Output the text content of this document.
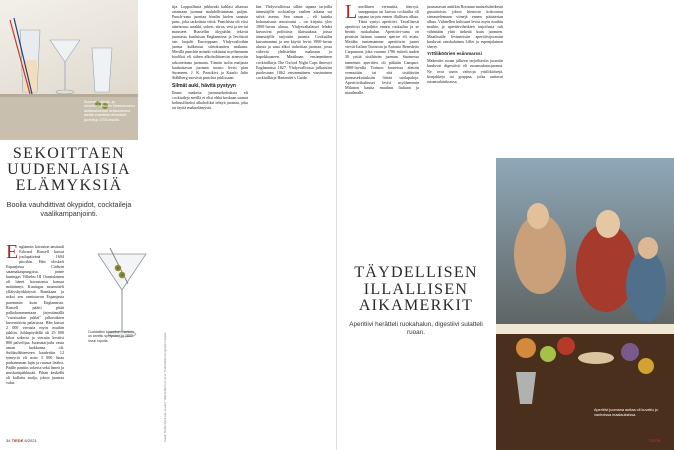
Suomen kahvila- ja ravintolakulttuurin hienostuneen asiakaskunnan keskuudessa alettiin maistella virkistäviä juomia jo 1700-luvulla.
SEKOITTAEN
UUDENLAISIA
ELÄMYKSIÄ

Boolia vauhdittivat ökypidot, cocktaileja vaalikampanjointi.

E nglannin laivaston amiraali Edward Russell kutsui joulupäivänä 1694 pitoihin. Hän oleskeli Espanjassa Cádizin satamakaupungissa, jonne kuningas Vilhelm III Oranialainen oli hänet laivastonsa kanssa määrännyt. Kuningas suunnitteli yllätyshyökkäystä Ranskaan ja uskoi sen onnistuvan Espanjasta paremmin kuin Englannista. Russell päätti pitää palkokommentaan järjestämällä "vuosisadan juhlat" jalkaväkien kuvernöörin palatsissa. Hän kutsui 2 000 vierasta myös muihin juhliin. Juhlapöydällä oli 25 000 kiloa sokeria ja vieraita kestitsi 800 palvelijaa. Juomatarjoilu vasta oman luokkansa oli. Suihkulähteeseen kaadettiin 12 tynnyriä eli noin 3 000 litraa parhaimman lajin ja ruusua lisäksi. Päälle pantiin sokeria sekä limeä ja muskottipähkinää. Pihan keskellä oli kullattu malja, johon juomaa valui.
Cocktailien klassikon martinin on arveltu syntyneen jo 1800-luvun lopulla.
tija. Loppuillasta juhlavaki kahlasi altaassa ottamaan juomaa mahdollisimman paljon. Punch-sana juontaa hindin kielen sanasta panc, joka tarkoittaa viittä. Punchissa oli viisi ainesosaa: arrakki, sokeri, sitrus, vesi ja tee tai mausteet. Russellin ökyjuhlat tekivät juomasta kuuluisan Englannissa ja levittivät sen laajalti Eurooppaan. Yhdysvaltoihin juoma kulkeutui siirtokuntien mukana. Merillä punchin mineki vakiintui myöhemmin booliksi eli siihen alkoholittomiin ainesosiin sekoitettuna juomana. Tämän isolta maljasta kauhottavan juoman suosio levisi pian Suomeen. J. K. Paasikivi ja Kaarlo Juho Ståhlberg suosivat punchia juhlissaan.
Silmät auki, hävitä pystyyn
Ilman makeita juomasekoituksia eli cocktaileja meillä ei olisi ehkä koskaan saanut kohtuulliseksi alkoholiksi tehtyä juomaa, joka on täyttä makuelämystä.
Kuvat: Shutterstock (oik. ja vas.), Wikimedia Commons, Yhdysvaltain kongressin kirjasto
kin. Yhdysvalloissa silkin tapana tarjoilla äänestäjille cocktaileja vaalien aikana sai selvä asema. Sen sanan – eli kuinka kokonaisuus muotoutui – on kirjattu ylös 1800-luvun alussa. Yhdysvaltalaiset lehdet kuvasivat poliittisia tilaisuuksia, joissa äänestäjille tarjottiin juomia. Cocktailin kutsumanimi ja sen käyttö levisi 1900-luvun alussa ja sana alkoi tarkoittaa juomaa, jossa väkeviä yhdisteltiin makeaan ja hapokkaaseen. Maailman ensimmäinen cocktailkirja The Oxford Night Caps ilmestyi Englannissa 1827. Yhdysvalloissa julkaistiin puolestaan 1862 ensimmäinen varsinainen cocktailkirja Bartender's Guide.
34 TIEDE 6/2021
L aseillinen vermuttia, sherryä, samppanjaa tai kuivaa cocktailia oli tapana tarjota ennen illallisen alkua. Tästä syntyi aperitiivi. Tavallisesti aperitiivi tarjoiltiin ennen ruokailua ja se herätti ruokahalun. Aperitiivi-sana on peräisin latinan sanasta aperire eli avata. Meidän tuntemamme aperitiivin juuret vievät Italian Torinoon ja Antonio Benedetto Carpanoon, joka vuonna 1786 esitteli uuden 30 yrttiä sisältävän juoman. Suomessa tunnetuin aperitiivi oli pitkään Campari. 1800-luvulla Torinon baareissa alettiin vermuttiin tai sitä sisältäviin juomasekoituksiin liittää suolapaloja. Aperitiivikulttuuri levisi myöhemmin Milanon kautta muuhun Italiaan ja maailmalle.
juomatavan antiikin Rooman maisteluhetkestä gustatioista, johon hienosto kokoontui sienastelemaan viinejä ennen pääaterian alkua. Vähitellen kulttuuri levisi myös muihin maihin ja aperitiivihetkien tarjoilusta tuli vähintään yhtä tärkeää kuin juomien. Maailmalle levinneisiin aperitiivijuomiin kuuluvat ranskalainen Lillet ja espanjalainen sherry.
Yrttiliköörien esiinmarssi
Makeisiin ruoan jälkeen tarjoiltaviin juomiin kuuluvat digestiivit eli ruoansulatusjuomat. Ne ovat usein vahvoja yrttiliköörejä, konjakkeja tai grappaa, jotka auttavat ruoansulatuksessa.
Aperitiivi juomana auttaa oli kuvattu jo vanhoissa maalauksissa.
TÄYDELLISEN
ILLALLISEN
AIKAMERKIT

Aperitiivi herätteli ruokahalun, digestiivi sulatteli ruoan.

6/2021 TIEDE 35
